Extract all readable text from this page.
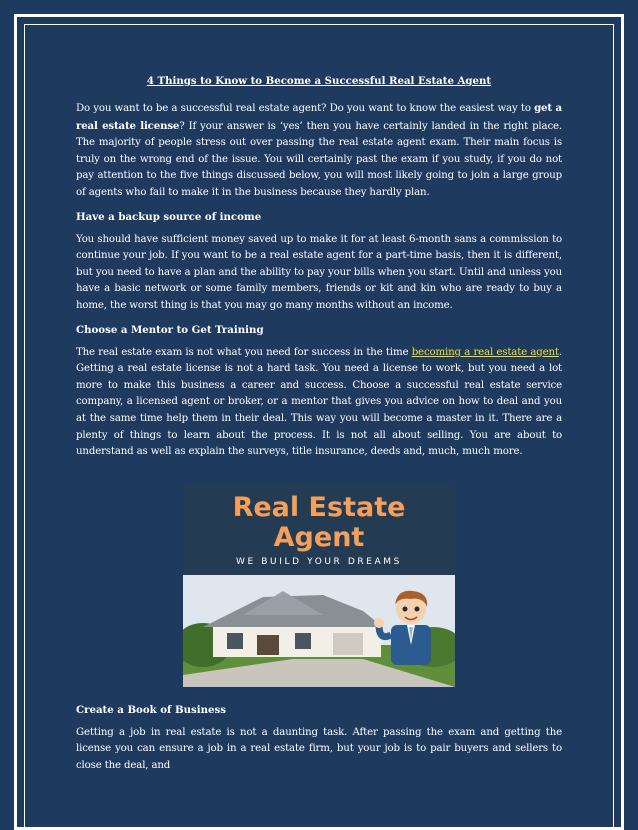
4 Things to Know to Become a Successful Real Estate Agent

Do you want to be a successful real estate agent? Do you want to know the easiest way to get a real estate license? If your answer is ‘yes’ then you have certainly landed in the right place. The majority of people stress out over passing the real estate agent exam. Their main focus is truly on the wrong end of the issue. You will certainly past the exam if you study, if you do not pay attention to the five things discussed below, you will most likely going to join a large group of agents who fail to make it in the business because they hardly plan.

Have a backup source of income

You should have sufficient money saved up to make it for at least 6-month sans a commission to continue your job. If you want to be a real estate agent for a part-time basis, then it is different, but you need to have a plan and the ability to pay your bills when you start. Until and unless you have a basic network or some family members, friends or kit and kin who are ready to buy a home, the worst thing is that you may go many months without an income.

Choose a Mentor to Get Training

The real estate exam is not what you need for success in the time becoming a real estate agent. Getting a real estate license is not a hard task. You need a license to work, but you need a lot more to make this business a career and success. Choose a successful real estate service company, a licensed agent or broker, or a mentor that gives you advice on how to deal and you at the same time help them in their deal. This way you will become a master in it. There are a plenty of things to learn about the process. It is not all about selling. You are about to understand as well as explain the surveys, title insurance, deeds and, much, much more.

Real Estate
Agent
WE BUILD YOUR DREAMS
Create a Book of Business

Getting a job in real estate is not a daunting task. After passing the exam and getting the license you can ensure a job in a real estate firm, but your job is to pair buyers and sellers to close the deal, and
